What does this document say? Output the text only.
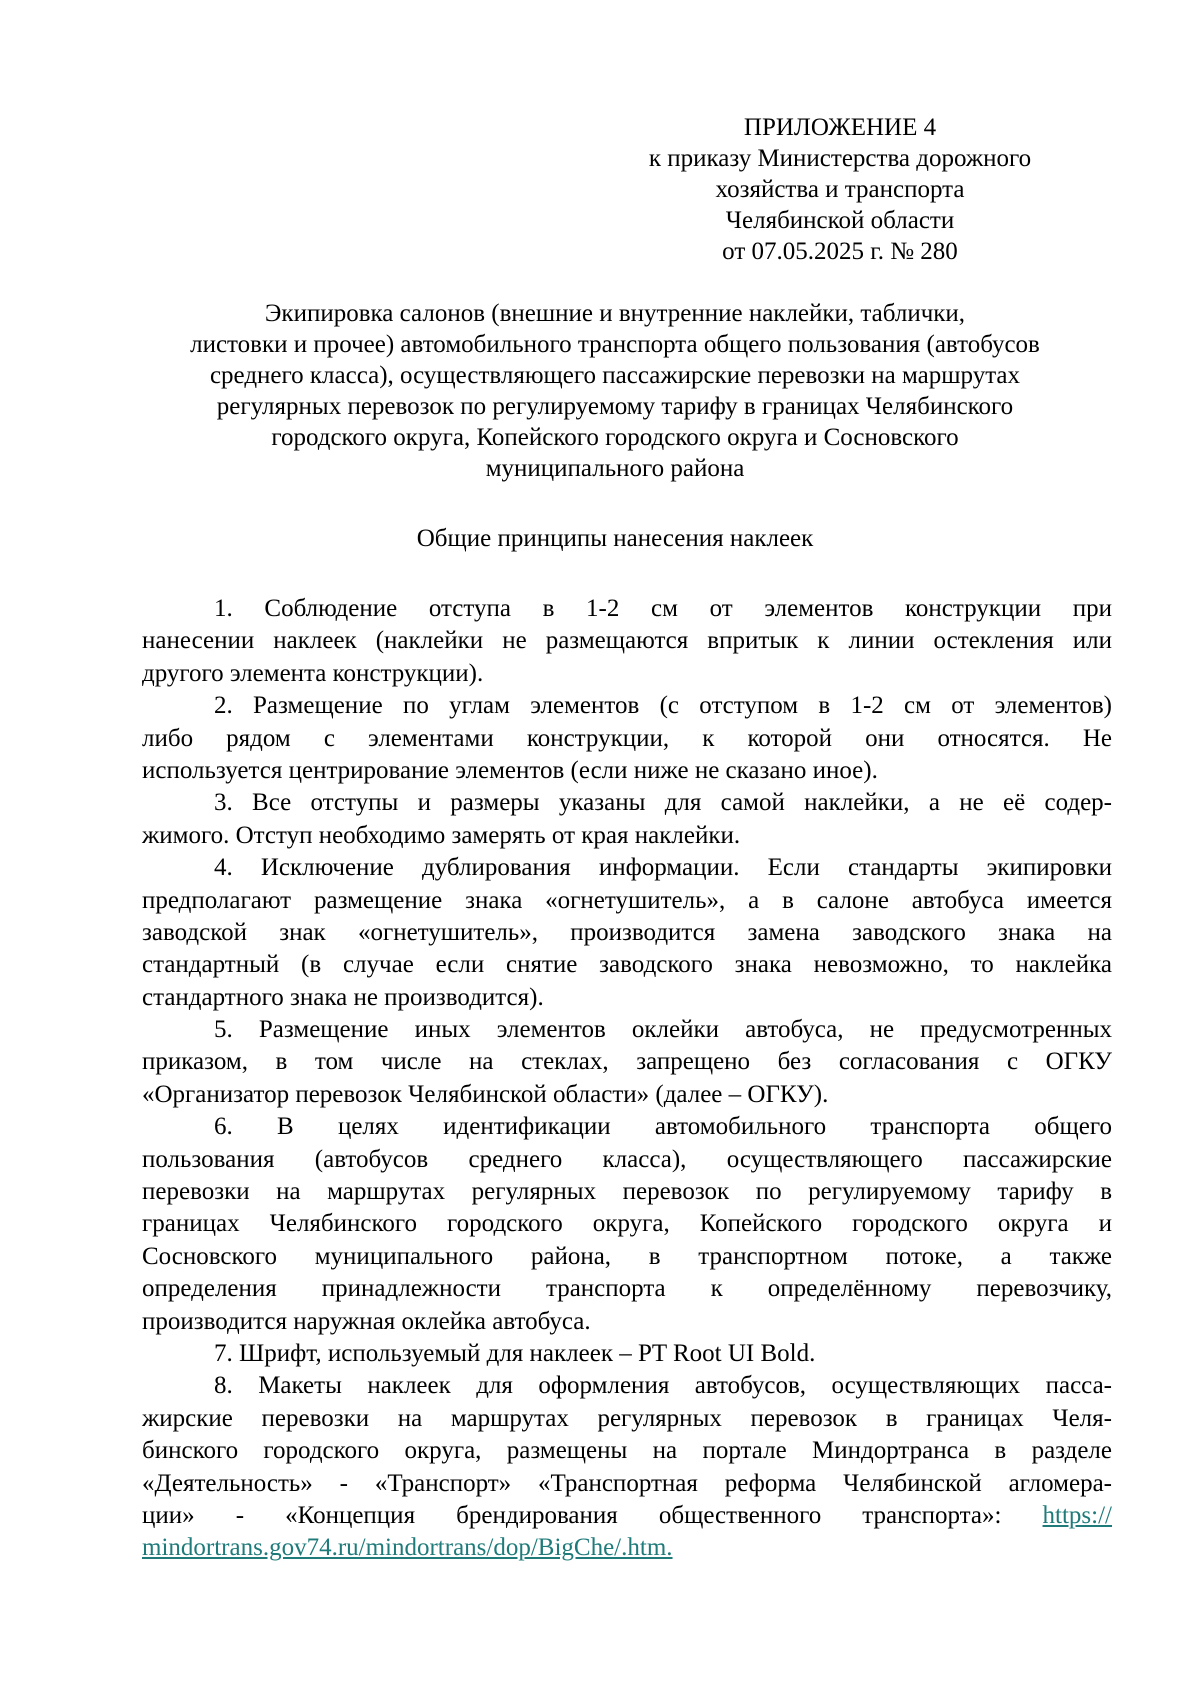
ПРИЛОЖЕНИЕ 4
к приказу Министерства дорожного
хозяйства и транспорта
Челябинской области
от 07.05.2025 г. № 280
Экипировка салонов (внешние и внутренние наклейки, таблички,
листовки и прочее) автомобильного транспорта общего пользования (автобусов
среднего класса), осуществляющего пассажирские перевозки на маршрутах
регулярных перевозок по регулируемому тарифу в границах Челябинского
городского округа, Копейского городского округа и Сосновского
муниципального района
Общие принципы нанесения наклеек
1. Соблюдение отступа в 1-2 см от элементов конструкции при
нанесении наклеек (наклейки не размещаются впритык к линии остекления или
другого элемента конструкции).
2. Размещение по углам элементов (с отступом в 1-2 см от элементов)
либо рядом с элементами конструкции, к которой они относятся. Не
используется центрирование элементов (если ниже не сказано иное).
3. Все отступы и размеры указаны для самой наклейки, а не её содер-
жимого. Отступ необходимо замерять от края наклейки.
4. Исключение дублирования информации. Если стандарты экипировки
предполагают размещение знака «огнетушитель», а в салоне автобуса имеется
заводской знак «огнетушитель», производится замена заводского знака на
стандартный (в случае если снятие заводского знака невозможно, то наклейка
стандартного знака не производится).
5. Размещение иных элементов оклейки автобуса, не предусмотренных
приказом, в том числе на стеклах, запрещено без согласования с ОГКУ
«Организатор перевозок Челябинской области» (далее – ОГКУ).
6. В целях идентификации автомобильного транспорта общего
пользования (автобусов среднего класса), осуществляющего пассажирские
перевозки на маршрутах регулярных перевозок по регулируемому тарифу в
границах Челябинского городского округа, Копейского городского округа и
Сосновского муниципального района, в транспортном потоке, а также
определения принадлежности транспорта к определённому перевозчику,
производится наружная оклейка автобуса.
7. Шрифт, используемый для наклеек – PT Root UI Bold.
8. Макеты наклеек для оформления автобусов, осуществляющих пасса-
жирские перевозки на маршрутах регулярных перевозок в границах Челя-
бинского городского округа, размещены на портале Миндортранса в разделе
«Деятельность» - «Транспорт» «Транспортная реформа Челябинской агломера-
ции» - «Концепция брендирования общественного транспорта»: https://
mindortrans.gov74.ru/mindortrans/dop/BigChe/.htm.
